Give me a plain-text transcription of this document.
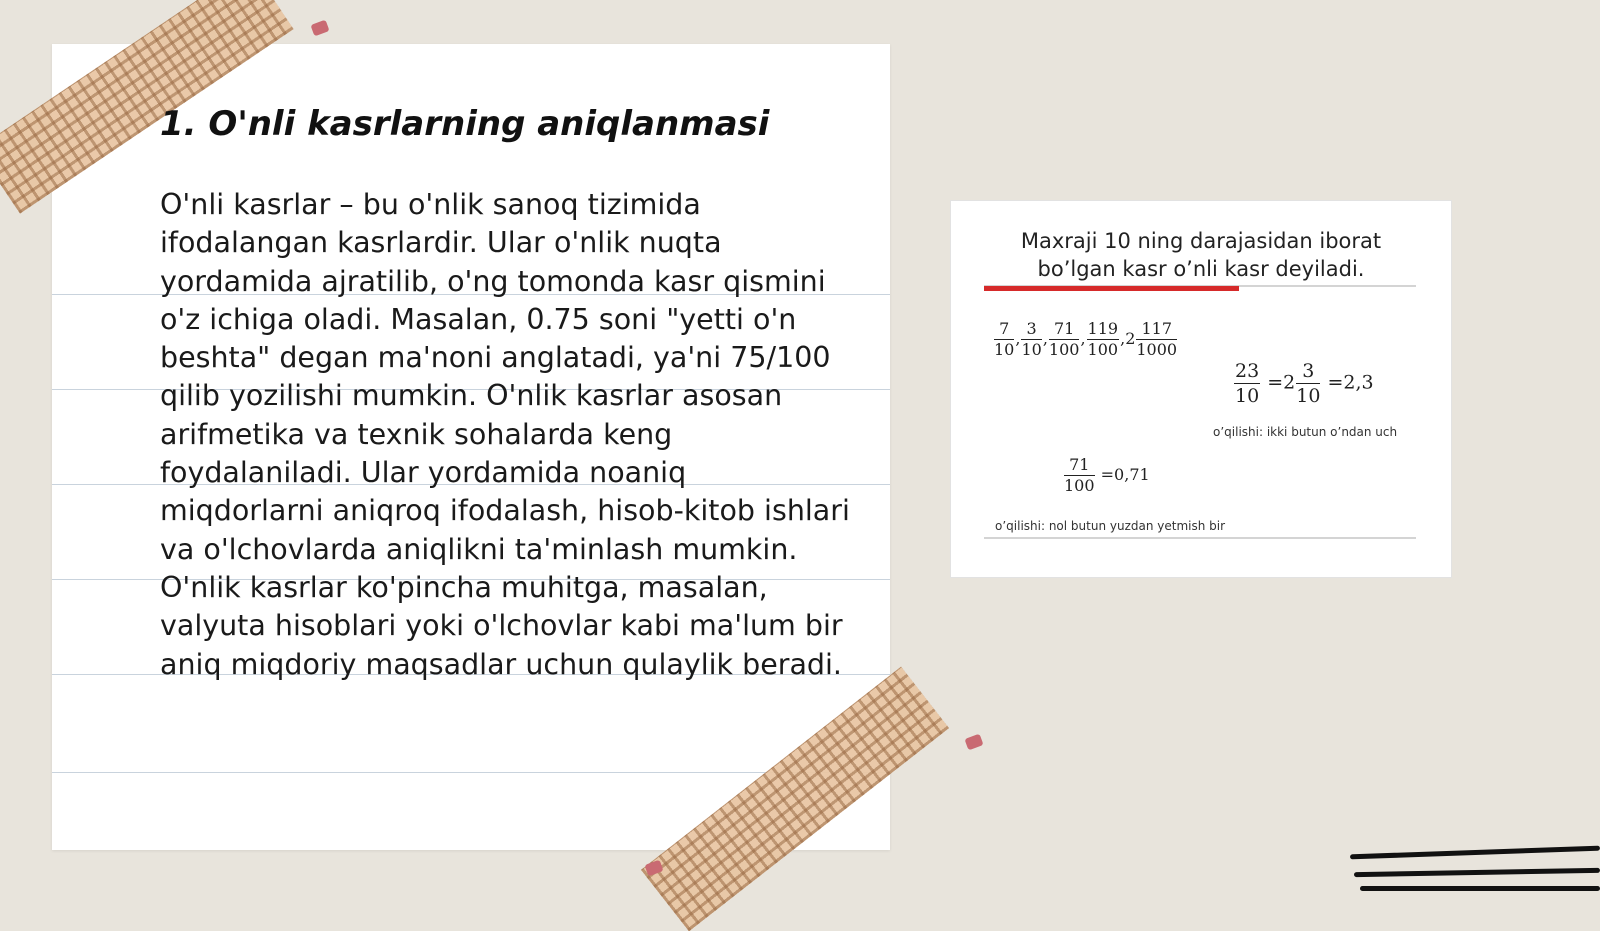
1. O'nli kasrlarning aniqlanmasi

O'nli kasrlar – bu o'nlik sanoq tizimida ifodalangan kasrlardir. Ular o'nlik nuqta yordamida ajratilib, o'ng tomonda kasr qismini o'z ichiga oladi. Masalan, 0.75 soni "yetti o'n beshta" degan ma'noni anglatadi, ya'ni 75/100 qilib yozilishi mumkin. O'nlik kasrlar asosan arifmetika va texnik sohalarda keng foydalaniladi. Ular yordamida noaniq miqdorlarni aniqroq ifodalash, hisob-kitob ishlari va o'lchovlarda aniqlikni ta'minlash mumkin. O'nlik kasrlar ko'pincha muhitga, masalan, valyuta hisoblari yoki o'lchovlar kabi ma'lum bir aniq miqdoriy maqsadlar uchun qulaylik beradi.

Maxraji 10 ning darajasidan iborat
bo’lgan kasr o’nli kasr deyiladi.
$\frac{7}{10}$ , $\frac{3}{10}$ , $\frac{71}{100}$ , $\frac{119}{100} ,2 \frac{117}{1000}$
$\frac{23}{10} =2 \frac{3}{10} =2,3$
o’qilishi: ikki butun o’ndan uch
$\frac{71}{100} =0,71$
o’qilishi: nol butun yuzdan yetmish bir
